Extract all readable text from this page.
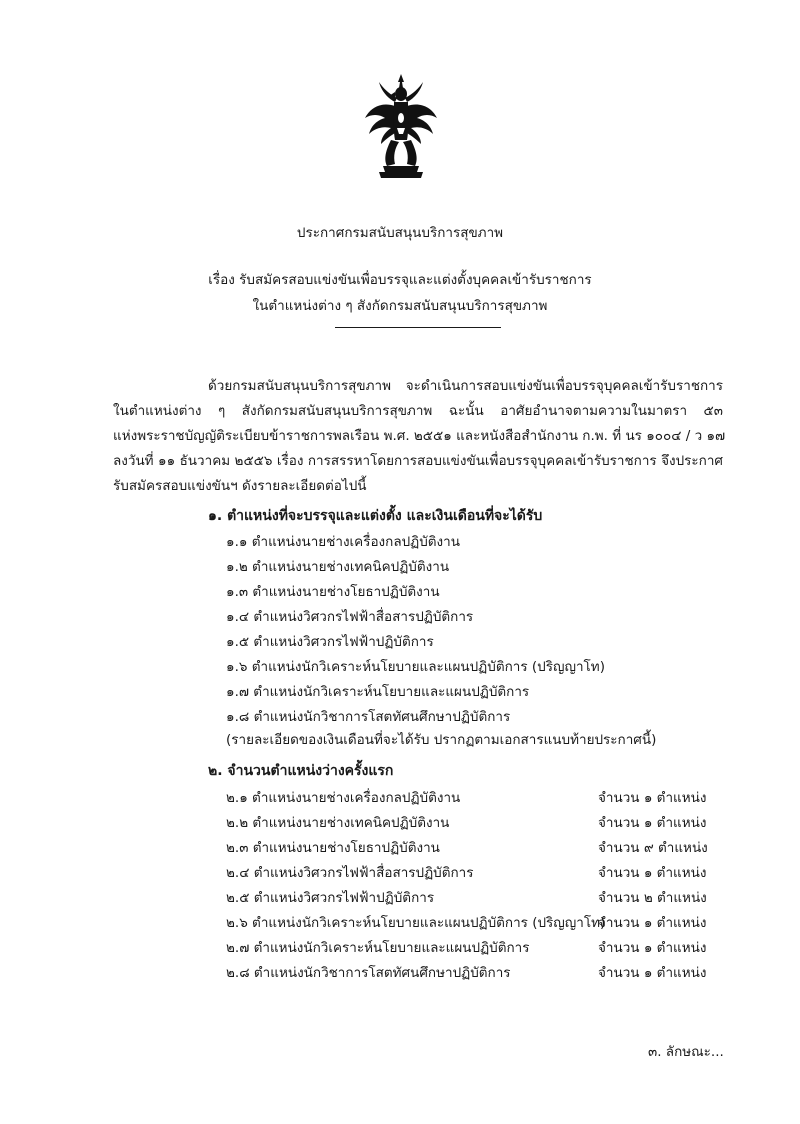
ประกาศกรมสนับสนุนบริการสุขภาพ
เรื่อง รับสมัครสอบแข่งขันเพื่อบรรจุและแต่งตั้งบุคคลเข้ารับราชการ
ในตำแหน่งต่าง ๆ สังกัดกรมสนับสนุนบริการสุขภาพ
ด้วยกรมสนับสนุนบริการสุขภาพ จะดำเนินการสอบแข่งขันเพื่อบรรจุบุคคลเข้ารับราชการ
ในตำแหน่งต่าง ๆ สังกัดกรมสนับสนุนบริการสุขภาพ ฉะนั้น อาศัยอำนาจตามความในมาตรา ๕๓
แห่งพระราชบัญญัติระเบียบข้าราชการพลเรือน พ.ศ. ๒๕๕๑ และหนังสือสำนักงาน ก.พ. ที่ นร ๑๐๐๔ / ว ๑๗
ลงวันที่ ๑๑ ธันวาคม ๒๕๕๖ เรื่อง การสรรหาโดยการสอบแข่งขันเพื่อบรรจุบุคคลเข้ารับราชการ จึงประกาศ
รับสมัครสอบแข่งขันฯ ดังรายละเอียดต่อไปนี้
๑. ตำแหน่งที่จะบรรจุและแต่งตั้ง และเงินเดือนที่จะได้รับ
๑.๑ ตำแหน่งนายช่างเครื่องกลปฏิบัติงาน
๑.๒ ตำแหน่งนายช่างเทคนิคปฏิบัติงาน
๑.๓ ตำแหน่งนายช่างโยธาปฏิบัติงาน
๑.๔ ตำแหน่งวิศวกรไฟฟ้าสื่อสารปฏิบัติการ
๑.๕ ตำแหน่งวิศวกรไฟฟ้าปฏิบัติการ
๑.๖ ตำแหน่งนักวิเคราะห์นโยบายและแผนปฏิบัติการ (ปริญญาโท)
๑.๗ ตำแหน่งนักวิเคราะห์นโยบายและแผนปฏิบัติการ
๑.๘ ตำแหน่งนักวิชาการโสตทัศนศึกษาปฏิบัติการ
(รายละเอียดของเงินเดือนที่จะได้รับ ปรากฏตามเอกสารแนบท้ายประกาศนี้)
๒. จำนวนตำแหน่งว่างครั้งแรก
๒.๑ ตำแหน่งนายช่างเครื่องกลปฏิบัติงาน	จำนวน ๑ ตำแหน่ง
๒.๒ ตำแหน่งนายช่างเทคนิคปฏิบัติงาน	จำนวน ๑ ตำแหน่ง
๒.๓ ตำแหน่งนายช่างโยธาปฏิบัติงาน	จำนวน ๙ ตำแหน่ง
๒.๔ ตำแหน่งวิศวกรไฟฟ้าสื่อสารปฏิบัติการ	จำนวน ๑ ตำแหน่ง
๒.๕ ตำแหน่งวิศวกรไฟฟ้าปฏิบัติการ	จำนวน ๒ ตำแหน่ง
๒.๖ ตำแหน่งนักวิเคราะห์นโยบายและแผนปฏิบัติการ (ปริญญาโท)
จำนวน ๑ ตำแหน่ง
๒.๗ ตำแหน่งนักวิเคราะห์นโยบายและแผนปฏิบัติการ	จำนวน ๑ ตำแหน่ง
๒.๘ ตำแหน่งนักวิชาการโสตทัศนศึกษาปฏิบัติการ	จำนวน ๑ ตำแหน่ง
๓. ลักษณะ...
